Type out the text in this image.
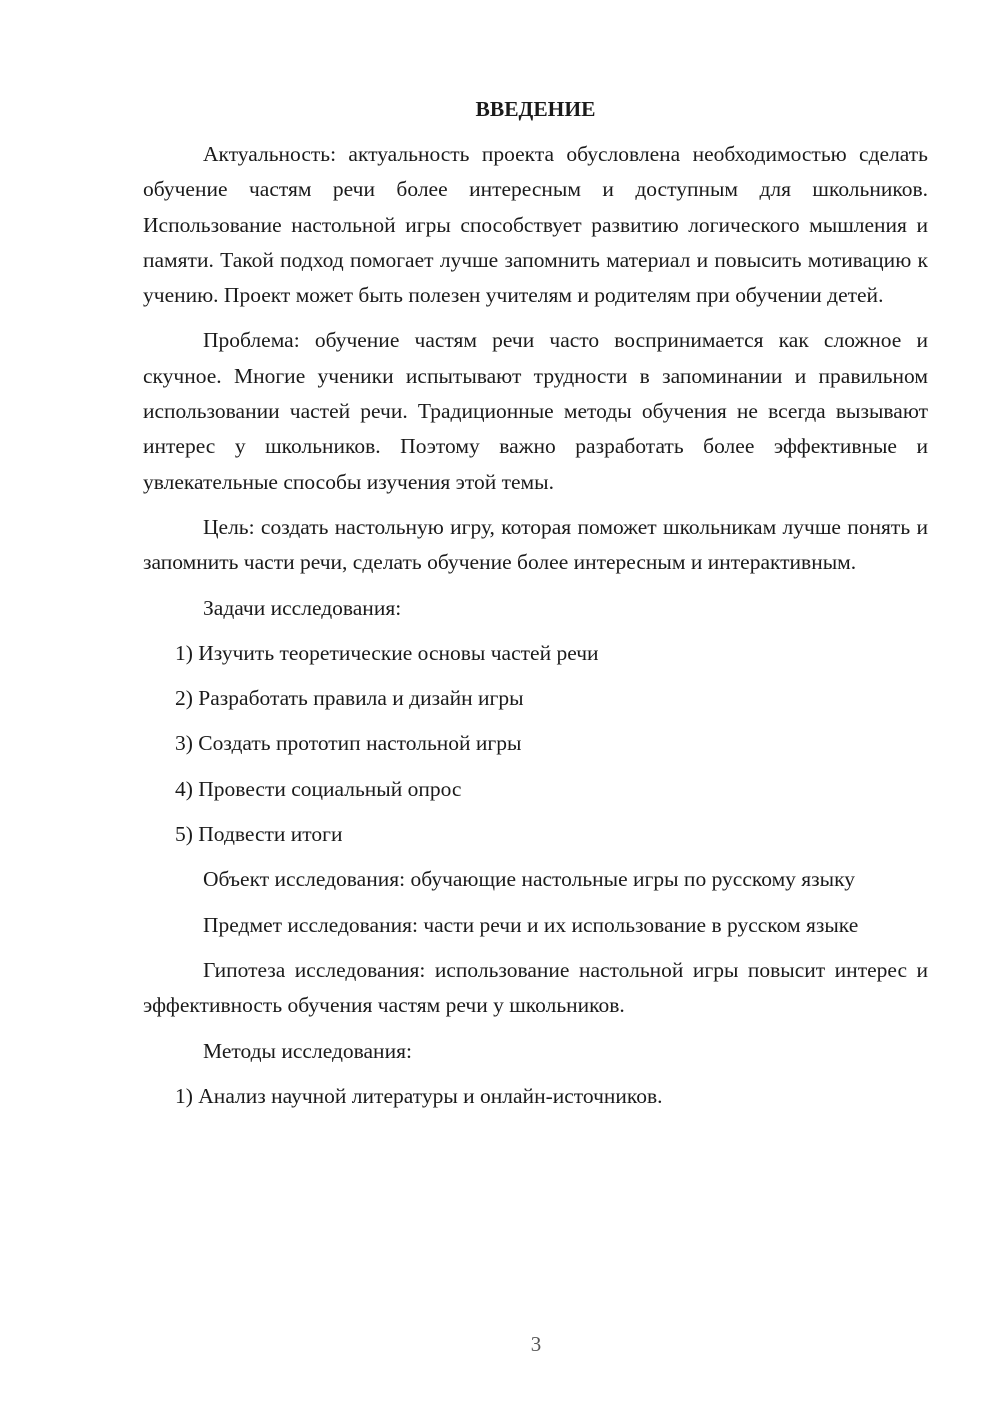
ВВЕДЕНИЕ

Актуальность: актуальность проекта обусловлена необходимостью сделать обучение частям речи более интересным и доступным для школьников. Использование настольной игры способствует развитию логического мышления и памяти. Такой подход помогает лучше запомнить материал и повысить мотивацию к учению. Проект может быть полезен учителям и родителям при обучении детей.

Проблема: обучение частям речи часто воспринимается как сложное и скучное. Многие ученики испытывают трудности в запоминании и правильном использовании частей речи. Традиционные методы обучения не всегда вызывают интерес у школьников. Поэтому важно разработать более эффективные и увлекательные способы изучения этой темы.

Цель: создать настольную игру, которая поможет школьникам лучше понять и запомнить части речи, сделать обучение более интересным и интерактивным.

Задачи исследования:

1) Изучить теоретические основы частей речи
2) Разработать правила и дизайн игры
3) Создать прототип настольной игры
4) Провести социальный опрос
5) Подвести итоги

Объект исследования: обучающие настольные игры по русскому языку

Предмет исследования: части речи и их использование в русском языке

Гипотеза исследования: использование настольной игры повысит интерес и эффективность обучения частям речи у школьников.

Методы исследования:

1) Анализ научной литературы и онлайн-источников.
3
